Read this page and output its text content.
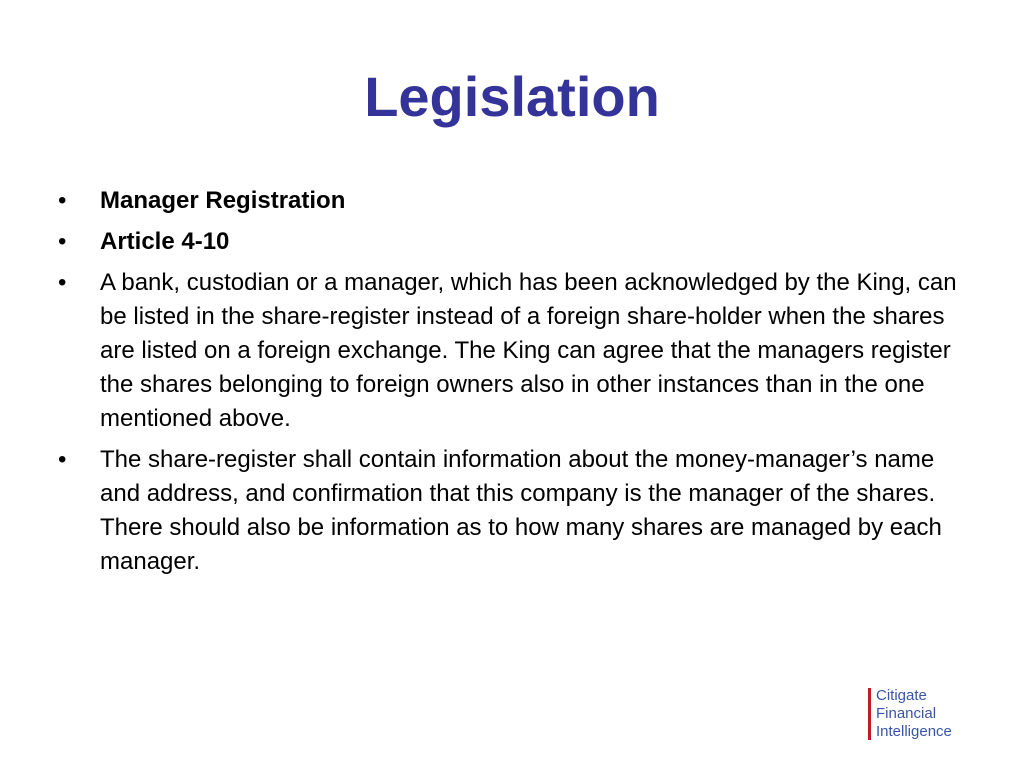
Legislation
•	Manager Registration
•	Article 4-10
•	A bank, custodian or a manager, which has been acknowledged by the King, can be listed in the share-register instead of a foreign share-holder when the shares are listed on a foreign exchange. The King can agree that the managers register the shares belonging to foreign owners also in other instances than in the one mentioned above.
•	The share-register shall contain information about the money-manager’s name and address, and confirmation that this company is the manager of the shares. There should also be information as to how many shares are managed by each manager.
Citigate
Financial
Intelligence
